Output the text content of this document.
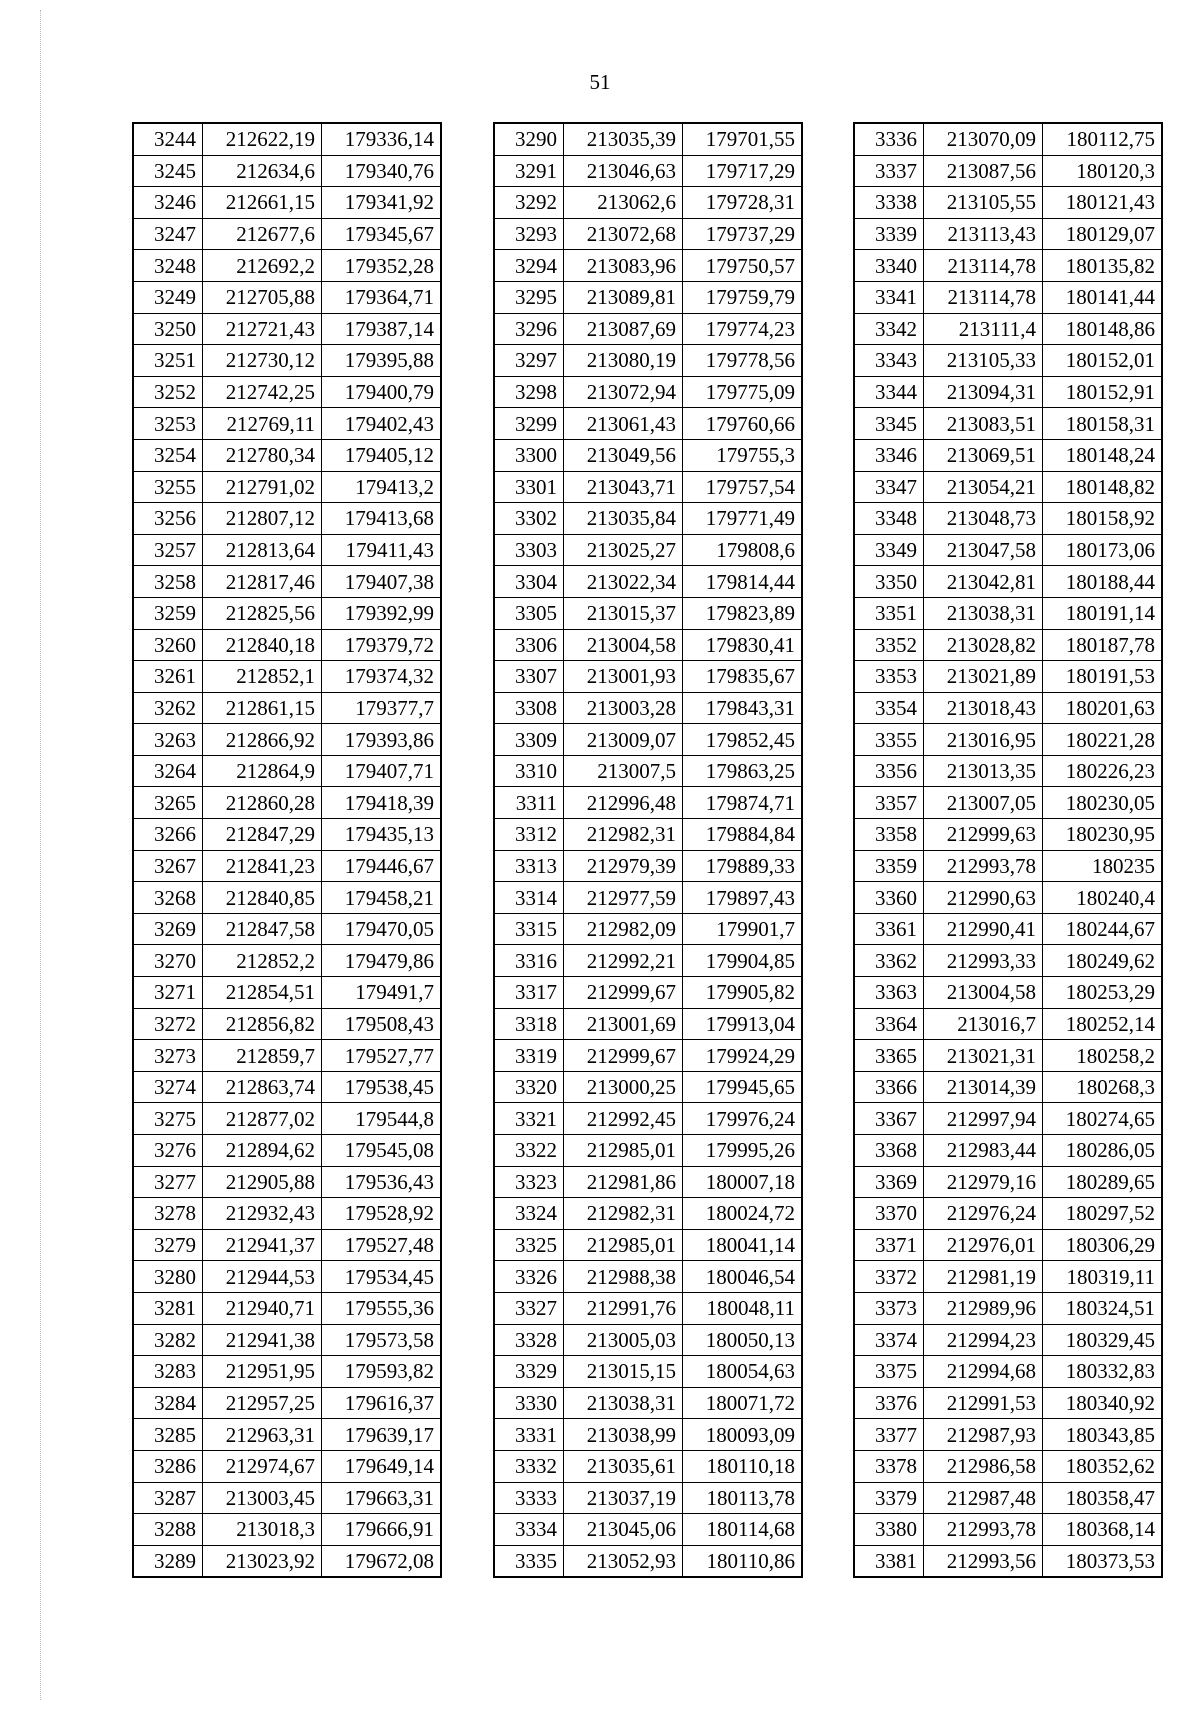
51
3244	212622,19	179336,14
3245	212634,6	179340,76
3246	212661,15	179341,92
3247	212677,6	179345,67
3248	212692,2	179352,28
3249	212705,88	179364,71
3250	212721,43	179387,14
3251	212730,12	179395,88
3252	212742,25	179400,79
3253	212769,11	179402,43
3254	212780,34	179405,12
3255	212791,02	179413,2
3256	212807,12	179413,68
3257	212813,64	179411,43
3258	212817,46	179407,38
3259	212825,56	179392,99
3260	212840,18	179379,72
3261	212852,1	179374,32
3262	212861,15	179377,7
3263	212866,92	179393,86
3264	212864,9	179407,71
3265	212860,28	179418,39
3266	212847,29	179435,13
3267	212841,23	179446,67
3268	212840,85	179458,21
3269	212847,58	179470,05
3270	212852,2	179479,86
3271	212854,51	179491,7
3272	212856,82	179508,43
3273	212859,7	179527,77
3274	212863,74	179538,45
3275	212877,02	179544,8
3276	212894,62	179545,08
3277	212905,88	179536,43
3278	212932,43	179528,92
3279	212941,37	179527,48
3280	212944,53	179534,45
3281	212940,71	179555,36
3282	212941,38	179573,58
3283	212951,95	179593,82
3284	212957,25	179616,37
3285	212963,31	179639,17
3286	212974,67	179649,14
3287	213003,45	179663,31
3288	213018,3	179666,91
3289	213023,92	179672,08
3290	213035,39	179701,55
3291	213046,63	179717,29
3292	213062,6	179728,31
3293	213072,68	179737,29
3294	213083,96	179750,57
3295	213089,81	179759,79
3296	213087,69	179774,23
3297	213080,19	179778,56
3298	213072,94	179775,09
3299	213061,43	179760,66
3300	213049,56	179755,3
3301	213043,71	179757,54
3302	213035,84	179771,49
3303	213025,27	179808,6
3304	213022,34	179814,44
3305	213015,37	179823,89
3306	213004,58	179830,41
3307	213001,93	179835,67
3308	213003,28	179843,31
3309	213009,07	179852,45
3310	213007,5	179863,25
3311	212996,48	179874,71
3312	212982,31	179884,84
3313	212979,39	179889,33
3314	212977,59	179897,43
3315	212982,09	179901,7
3316	212992,21	179904,85
3317	212999,67	179905,82
3318	213001,69	179913,04
3319	212999,67	179924,29
3320	213000,25	179945,65
3321	212992,45	179976,24
3322	212985,01	179995,26
3323	212981,86	180007,18
3324	212982,31	180024,72
3325	212985,01	180041,14
3326	212988,38	180046,54
3327	212991,76	180048,11
3328	213005,03	180050,13
3329	213015,15	180054,63
3330	213038,31	180071,72
3331	213038,99	180093,09
3332	213035,61	180110,18
3333	213037,19	180113,78
3334	213045,06	180114,68
3335	213052,93	180110,86
3336	213070,09	180112,75
3337	213087,56	180120,3
3338	213105,55	180121,43
3339	213113,43	180129,07
3340	213114,78	180135,82
3341	213114,78	180141,44
3342	213111,4	180148,86
3343	213105,33	180152,01
3344	213094,31	180152,91
3345	213083,51	180158,31
3346	213069,51	180148,24
3347	213054,21	180148,82
3348	213048,73	180158,92
3349	213047,58	180173,06
3350	213042,81	180188,44
3351	213038,31	180191,14
3352	213028,82	180187,78
3353	213021,89	180191,53
3354	213018,43	180201,63
3355	213016,95	180221,28
3356	213013,35	180226,23
3357	213007,05	180230,05
3358	212999,63	180230,95
3359	212993,78	180235
3360	212990,63	180240,4
3361	212990,41	180244,67
3362	212993,33	180249,62
3363	213004,58	180253,29
3364	213016,7	180252,14
3365	213021,31	180258,2
3366	213014,39	180268,3
3367	212997,94	180274,65
3368	212983,44	180286,05
3369	212979,16	180289,65
3370	212976,24	180297,52
3371	212976,01	180306,29
3372	212981,19	180319,11
3373	212989,96	180324,51
3374	212994,23	180329,45
3375	212994,68	180332,83
3376	212991,53	180340,92
3377	212987,93	180343,85
3378	212986,58	180352,62
3379	212987,48	180358,47
3380	212993,78	180368,14
3381	212993,56	180373,53
